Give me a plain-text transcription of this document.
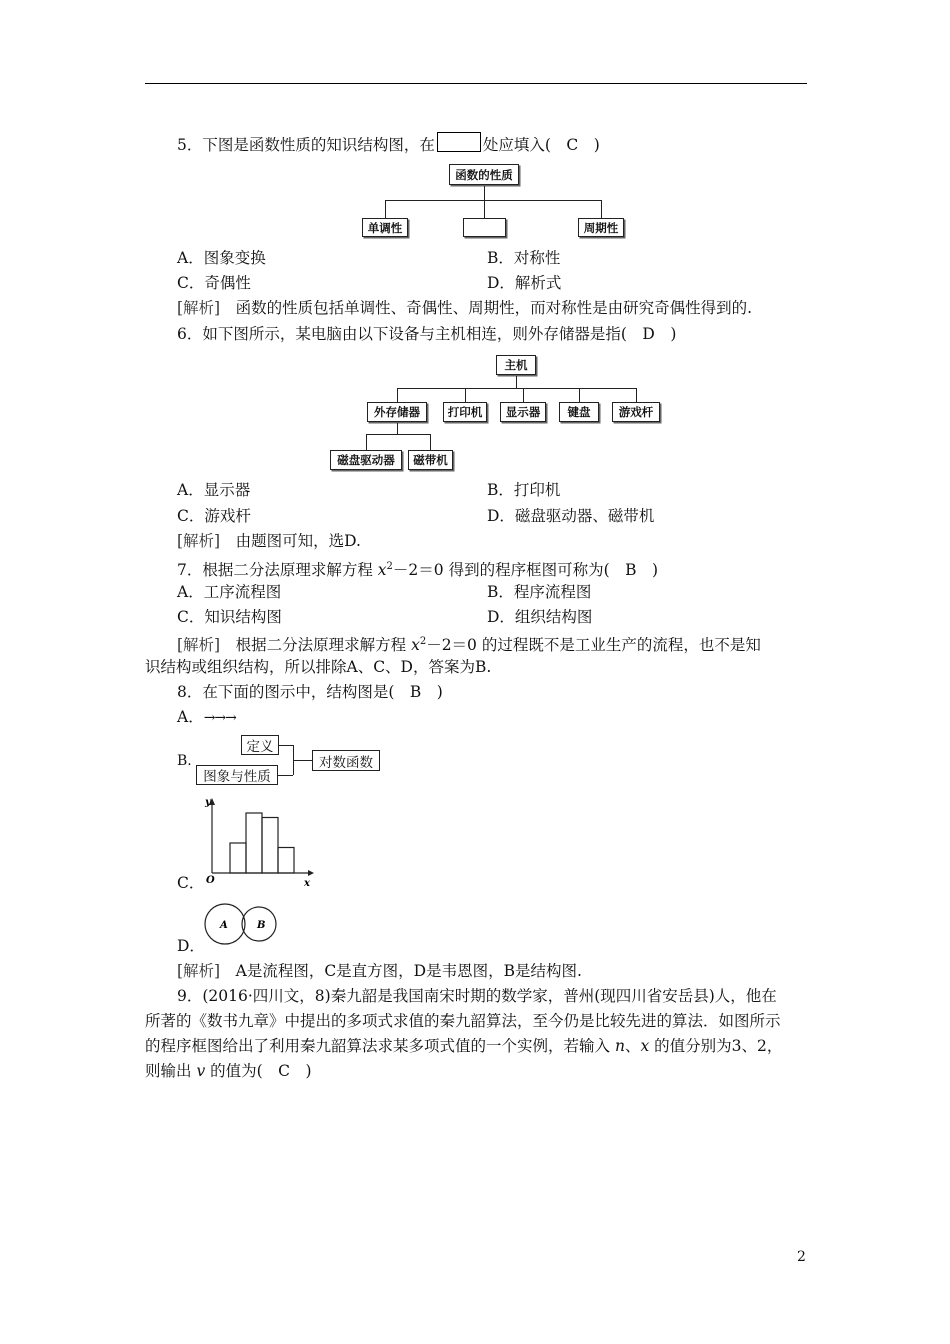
5．下图是函数性质的知识结构图，在	处应填入(　C　)
函数的性质
单调性	周期性
A．图象变换	B．对称性
C．奇偶性	D．解析式
[解析]　 函数的性质包括单调性、奇偶性、周期性，而对称性是由研究奇偶性得到的.
6．如下图所示，某电脑由以下设备与主机相连，则外存储器是指(　D　)
主机
外存储器	打印机	显示器	键盘	游戏杆
磁盘驱动器	磁带机
A．显示器	B．打印机
C．游戏杆	D．磁盘驱动器、磁带机
[解析]　 由题图可知，选D.
7．根据二分法原理求解方程 $x^2-2=0$ 得到的程序框图可称为(　B　)
A．工序流程图	B．程序流程图
C．知识结构图	D．组织结构图
[解析]　 根据二分法原理求解方程 $x^2-2=0$ 的过程既不是工业生产的流程，也不是知
识结构或组织结构，所以排除A、C、D，答案为B.
8．在下面的图示中，结构图是(　B　)
A．→→→
B.
定义
图象与性质
对数函数
y
x
O
C．
A	B
D．
[解析]　 A是流程图，C是直方图，D是韦恩图，B是结构图.
9．(2016·四川文，8)秦九韶是我国南宋时期的数学家，普州(现四川省安岳县)人，他在
所著的《数书九章》中提出的多项式求值的秦九韶算法，至今仍是比较先进的算法．如图所示
的程序框图给出了利用秦九韶算法求某多项式值的一个实例，若输入 n、x 的值分别为3、2，
则输出 v 的值为(　C　)
2
